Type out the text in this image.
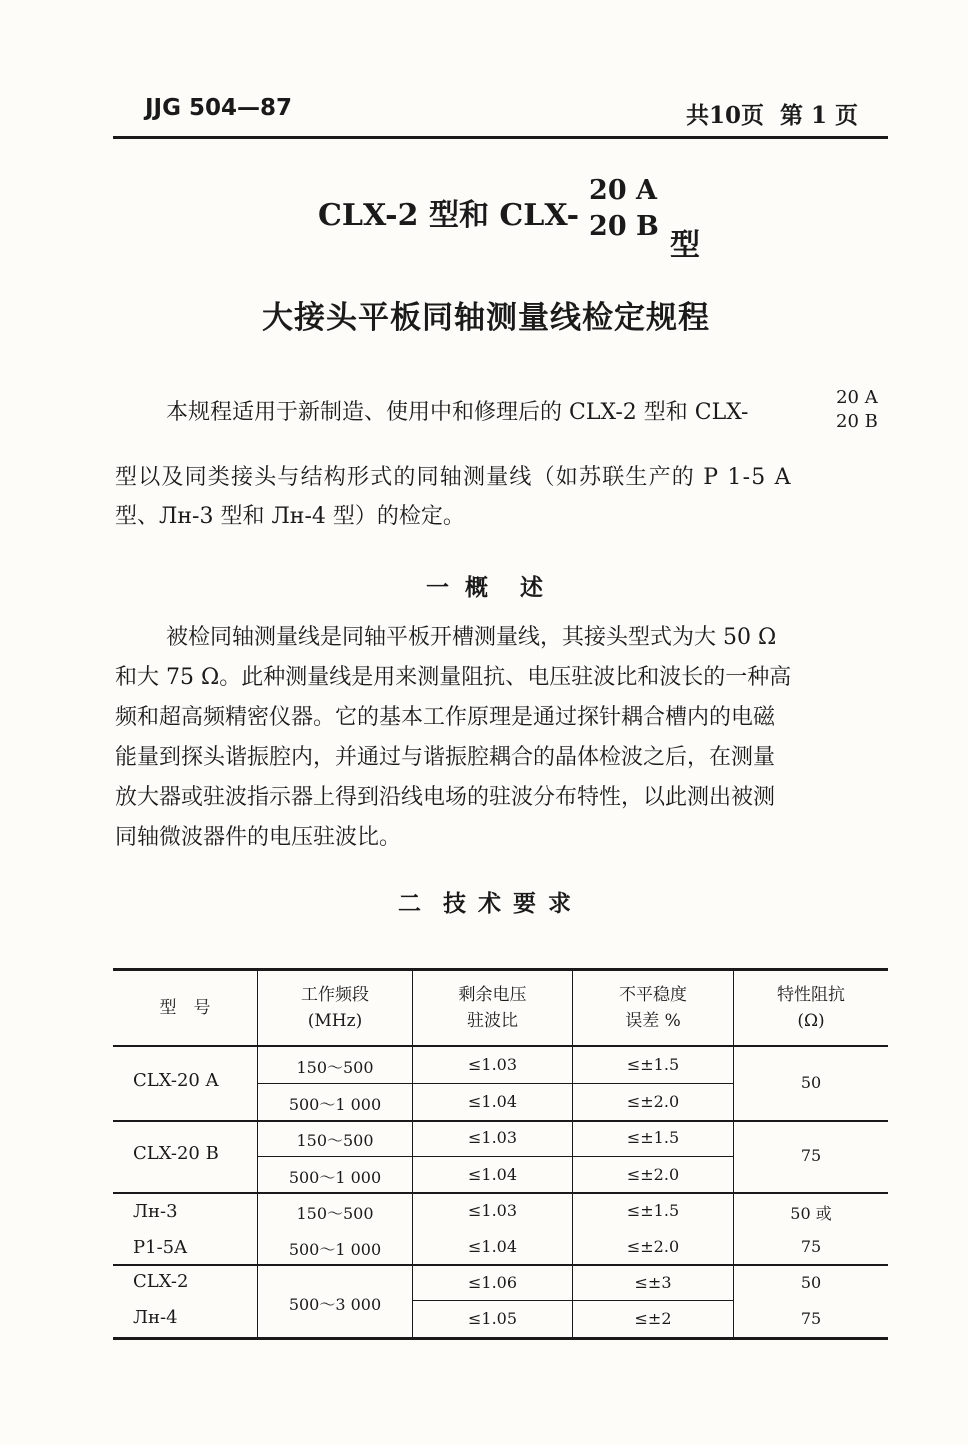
JJG 504—87	共10页 第 1 页
CLX-2 型和 CLX-
20 A
20 B
型
大接头平板同轴测量线检定规程
本规程适用于新制造、使用中和修理后的 CLX-2 型和 CLX-
20 A
20 B
型以及同类接头与结构形式的同轴测量线（如苏联生产的 P 1-5 A
型、Лн-3 型和 Лн-4 型）的检定。
一  概    述
被检同轴测量线是同轴平板开槽测量线，其接头型式为大 50 Ω
和大 75 Ω。此种测量线是用来测量阻抗、电压驻波比和波长的一种高
频和超高频精密仪器。它的基本工作原理是通过探针耦合槽内的电磁
能量到探头谐振腔内，并通过与谐振腔耦合的晶体检波之后，在测量
放大器或驻波指示器上得到沿线电场的驻波分布特性，以此测出被测
同轴微波器件的电压驻波比。
二  技 术 要 求
型　号
工作频段
(MHz)
剩余电压
驻波比
不平稳度
误差 %
特性阻抗
(Ω)
CLX-20 A
CLX-20 B
Лн-3
P1-5A
CLX-2
Лн-4
150～500
500～1 000
150～500
500～1 000
150～500
500～1 000
500～3 000
≤1.03
≤1.04
≤1.03
≤1.04
≤1.03
≤1.04
≤1.06
≤1.05
≤±1.5
≤±2.0
≤±1.5
≤±2.0
≤±1.5
≤±2.0
≤±3
≤±2
50
75
50 或
75
50
75
